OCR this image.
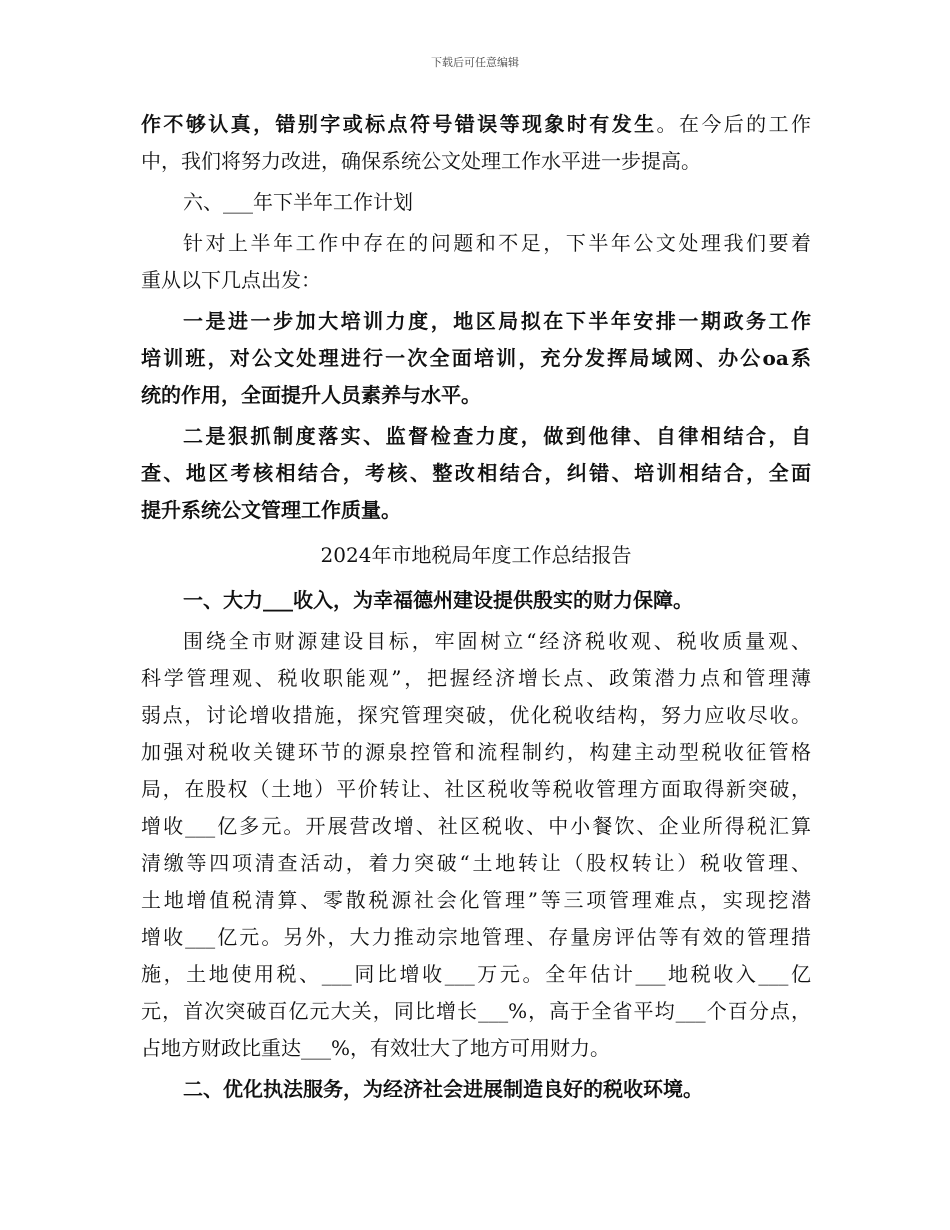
下载后可任意编辑
作不够认真，错别字或标点符号错误等现象时有发生。在今后的工作
中，我们将努力改进，确保系统公文处理工作水平进一步提高。
六、___年下半年工作计划
针对上半年工作中存在的问题和不足，下半年公文处理我们要着
重从以下几点出发：
一是进一步加大培训力度，地区局拟在下半年安排一期政务工作
培训班，对公文处理进行一次全面培训，充分发挥局域网、办公oa系
统的作用，全面提升人员素养与水平。
二是狠抓制度落实、监督检查力度，做到他律、自律相结合，自
查、地区考核相结合，考核、整改相结合，纠错、培训相结合，全面
提升系统公文管理工作质量。
2024年市地税局年度工作总结报告
一、大力___收入，为幸福德州建设提供殷实的财力保障。
围绕全市财源建设目标，牢固树立“经济税收观、税收质量观、
科学管理观、税收职能观”，把握经济增长点、政策潜力点和管理薄
弱点，讨论增收措施，探究管理突破，优化税收结构，努力应收尽收。
加强对税收关键环节的源泉控管和流程制约，构建主动型税收征管格
局，在股权（土地）平价转让、社区税收等税收管理方面取得新突破，
增收___亿多元。开展营改增、社区税收、中小餐饮、企业所得税汇算
清缴等四项清查活动，着力突破“土地转让（股权转让）税收管理、
土地增值税清算、零散税源社会化管理”等三项管理难点，实现挖潜
增收___亿元。另外，大力推动宗地管理、存量房评估等有效的管理措
施，土地使用税、___同比增收___万元。全年估计___地税收入___亿
元，首次突破百亿元大关，同比增长___%，高于全省平均___个百分点，
占地方财政比重达___%，有效壮大了地方可用财力。
二、优化执法服务，为经济社会进展制造良好的税收环境。
